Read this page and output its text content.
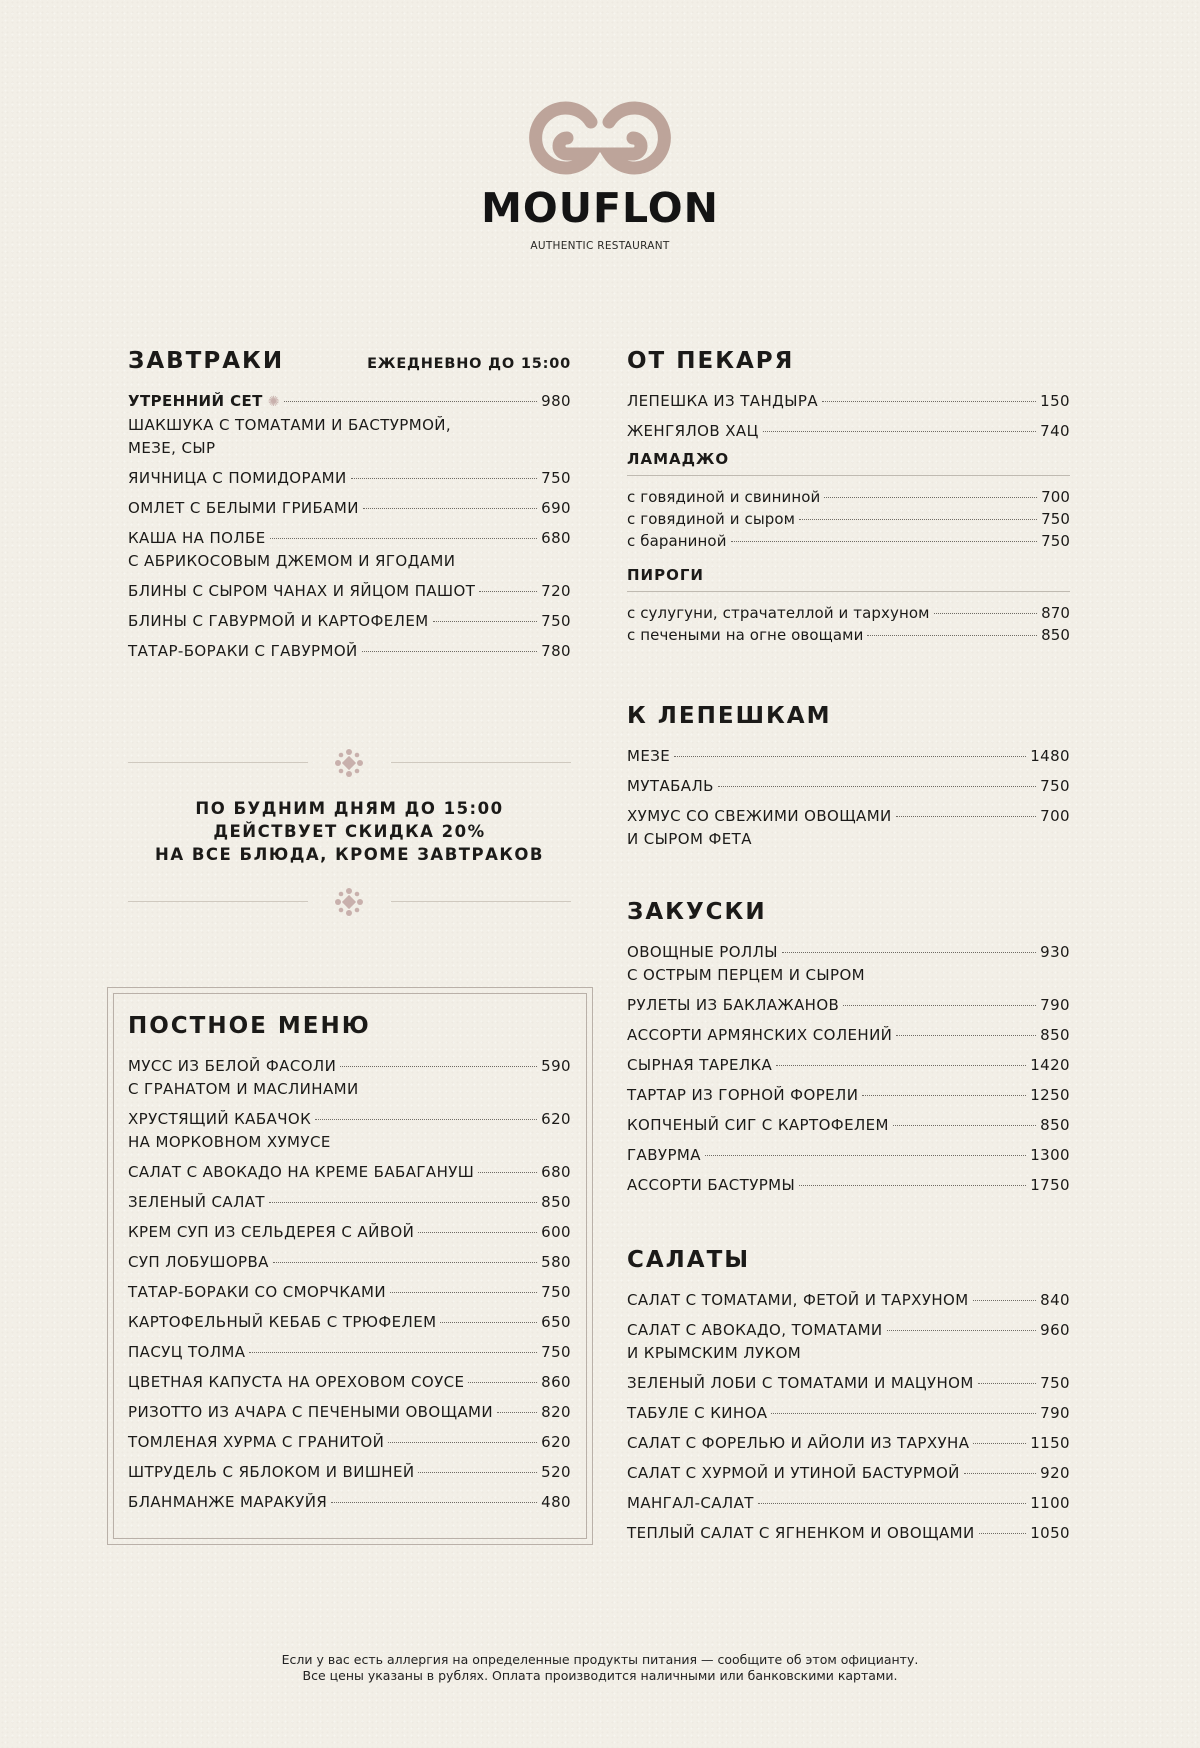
MOUFLON
AUTHENTIC RESTAURANT
ЗАВТРАКИ	ЕЖЕДНЕВНО ДО 15:00
УТРЕННИЙ СЕТ ✺	980
ШАКШУКА С ТОМАТАМИ И БАСТУРМОЙ,
МЕЗЕ, СЫР
ЯИЧНИЦА С ПОМИДОРАМИ	750
ОМЛЕТ С БЕЛЫМИ ГРИБАМИ	690
КАША НА ПОЛБЕ	680
С АБРИКОСОВЫМ ДЖЕМОМ И ЯГОДАМИ
БЛИНЫ С СЫРОМ ЧАНАХ И ЯЙЦОМ ПАШОТ	720
БЛИНЫ С ГАВУРМОЙ И КАРТОФЕЛЕМ	750
ТАТАР-БОРАКИ С ГАВУРМОЙ	780
ПО БУДНИМ ДНЯМ ДО 15:00
ДЕЙСТВУЕТ СКИДКА 20%
НА ВСЕ БЛЮДА, КРОМЕ ЗАВТРАКОВ
ПОСТНОЕ МЕНЮ
МУСС ИЗ БЕЛОЙ ФАСОЛИ	590
С ГРАНАТОМ И МАСЛИНАМИ
ХРУСТЯЩИЙ КАБАЧОК	620
НА МОРКОВНОМ ХУМУСЕ
САЛАТ С АВОКАДО НА КРЕМЕ БАБАГАНУШ	680
ЗЕЛЕНЫЙ САЛАТ	850
КРЕМ СУП ИЗ СЕЛЬДЕРЕЯ С АЙВОЙ	600
СУП ЛОБУШОРВА	580
ТАТАР-БОРАКИ СО СМОРЧКАМИ	750
КАРТОФЕЛЬНЫЙ КЕБАБ С ТРЮФЕЛЕМ	650
ПАСУЦ ТОЛМА	750
ЦВЕТНАЯ КАПУСТА НА ОРЕХОВОМ СОУСЕ	860
РИЗОТТО ИЗ АЧАРА С ПЕЧЕНЫМИ ОВОЩАМИ	820
ТОМЛЕНАЯ ХУРМА С ГРАНИТОЙ	620
ШТРУДЕЛЬ С ЯБЛОКОМ И ВИШНЕЙ	520
БЛАНМАНЖЕ МАРАКУЙЯ	480
ОТ ПЕКАРЯ
ЛЕПЕШКА ИЗ ТАНДЫРА	150
ЖЕНГЯЛОВ ХАЦ	740
ЛАМАДЖО
с говядиной и свининой	700
с говядиной и сыром	750
с бараниной	750
ПИРОГИ
с сулугуни, страчателлой и тархуном	870
с печеными на огне овощами	850
К ЛЕПЕШКАМ
МЕЗЕ	1480
МУТАБАЛЬ	750
ХУМУС СО СВЕЖИМИ ОВОЩАМИ	700
И СЫРОМ ФЕТА
ЗАКУСКИ
ОВОЩНЫЕ РОЛЛЫ	930
С ОСТРЫМ ПЕРЦЕМ И СЫРОМ
РУЛЕТЫ ИЗ БАКЛАЖАНОВ	790
АССОРТИ АРМЯНСКИХ СОЛЕНИЙ	850
СЫРНАЯ ТАРЕЛКА	1420
ТАРТАР ИЗ ГОРНОЙ ФОРЕЛИ	1250
КОПЧЕНЫЙ СИГ С КАРТОФЕЛЕМ	850
ГАВУРМА	1300
АССОРТИ БАСТУРМЫ	1750
САЛАТЫ
САЛАТ С ТОМАТАМИ, ФЕТОЙ И ТАРХУНОМ	840
САЛАТ С АВОКАДО, ТОМАТАМИ	960
И КРЫМСКИМ ЛУКОМ
ЗЕЛЕНЫЙ ЛОБИ С ТОМАТАМИ И МАЦУНОМ	750
ТАБУЛЕ С КИНОА	790
САЛАТ С ФОРЕЛЬЮ И АЙОЛИ ИЗ ТАРХУНА	1150
САЛАТ С ХУРМОЙ И УТИНОЙ БАСТУРМОЙ	920
МАНГАЛ-САЛАТ	1100
ТЕПЛЫЙ САЛАТ С ЯГНЕНКОМ И ОВОЩАМИ	1050
Если у вас есть аллергия на определенные продукты питания — сообщите об этом официанту.
Все цены указаны в рублях. Оплата производится наличными или банковскими картами.
